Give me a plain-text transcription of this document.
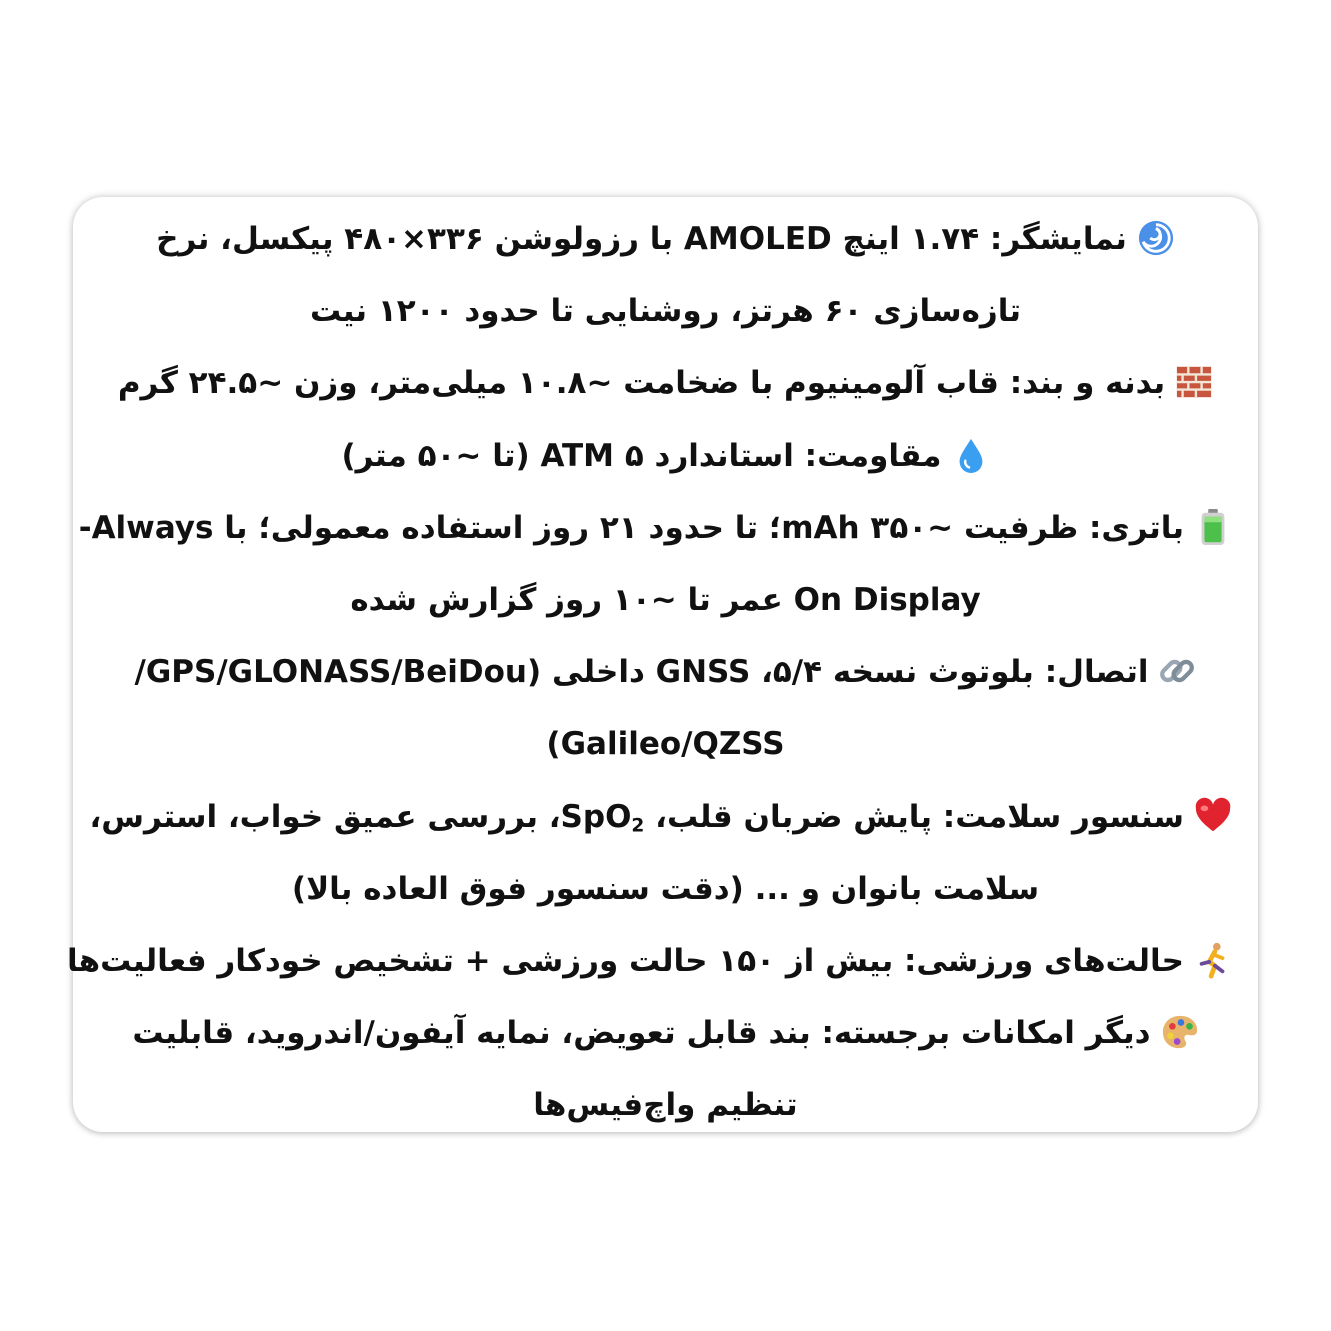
نمایشگر: ۱.۷۴ اینچ AMOLED با رزولوشن ۳۳۶×۴۸۰ پیکسل، نرخ
تازه‌سازی ۶۰ هرتز، روشنایی تا حدود ۱۲۰۰ نیت
بدنه و بند: قاب آلومینیوم با ضخامت ~۱۰.۸ میلی‌متر، وزن ~۲۴.۵ گرم
مقاومت: استاندارد ۵ ATM (تا ~۵۰ متر)
باتری: ظرفیت ~۳۵۰ mAh؛ تا حدود ۲۱ روز استفاده معمولی؛ با Always-
On Display عمر تا ~۱۰ روز گزارش شده
اتصال: بلوتوث نسخه ۵/۴، GNSS داخلی (GPS/GLONASS/BeiDou/
Galileo/QZSS)
سنسور سلامت: پایش ضربان قلب، SpO$_2$، بررسی عمیق خواب، استرس،
سلامت بانوان و ... (دقت سنسور فوق العاده بالا)
حالت‌های ورزشی: بیش از ۱۵۰ حالت ورزشی + تشخیص خودکار فعالیت‌ها
دیگر امکانات برجسته: بند قابل تعویض، نمایه آیفون/اندروید، قابلیت
تنظیم واچ‌فیس‌ها
